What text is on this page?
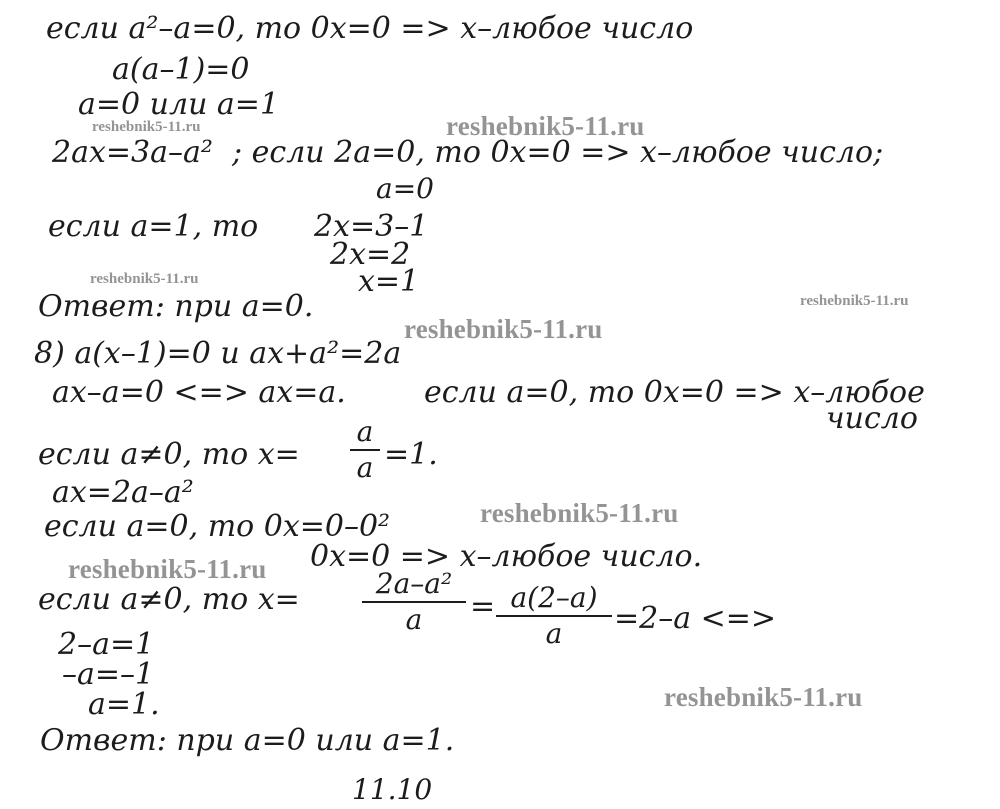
если a²–a=0, то 0x=0 => x–любое число
a(a–1)=0
a=0 или a=1
2ax=3a–a² ; если 2a=0, то 0x=0 => x–любое число;
a=0
если a=1, то 2x=3–1
2x=2
x=1
Ответ: при a=0.
8) a(x–1)=0 и ax+a²=2a
ax–a=0 <=> ax=a.	если a=0, то 0x=0 => x–любое
число
если a≠0, то x=
a
a =1.
ax=2a–a²
если a=0, то 0x=0–0²
0x=0 => x–любое число.
если a≠0, то x=	2a–a²
a	= a(2–a)
a	=2–a <=>
2–a=1
–a=–1
a=1.
Ответ: при a=0 или a=1.
11.10
reshebnik5-11.ru
reshebnik5-11.ru
reshebnik5-11.ru
reshebnik5-11.ru
reshebnik5-11.ru
reshebnik5-11.ru
reshebnik5-11.ru
reshebnik5-11.ru
